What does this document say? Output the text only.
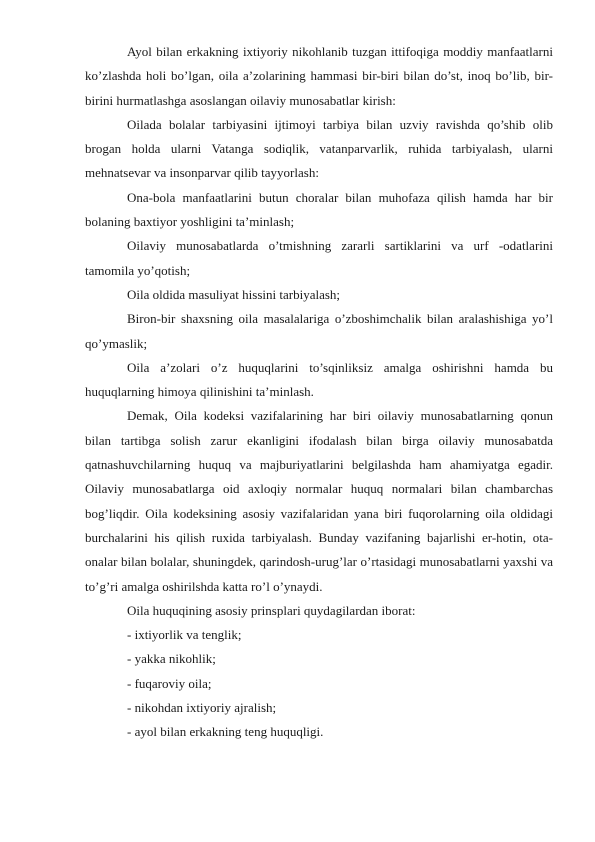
Ayol bilan erkakning ixtiyoriy nikohlanib tuzgan ittifoqiga moddiy manfaatlarni ko’zlashda holi bo’lgan, oila a’zolarining hammasi bir-biri bilan do’st, inoq bo’lib, bir-birini hurmatlashga asoslangan oilaviy munosabatlar kirish:

Oilada bolalar tarbiyasini ijtimoyi tarbiya bilan uzviy ravishda qo’shib olib brogan holda ularni Vatanga sodiqlik, vatanparvarlik, ruhida tarbiyalash, ularni mehnatsevar va insonparvar qilib tayyorlash:

Ona-bola manfaatlarini butun choralar bilan muhofaza qilish hamda har bir bolaning baxtiyor yoshligini ta’minlash;

Oilaviy munosabatlarda o’tmishning zararli sartiklarini va urf -odatlarini tamomila yo’qotish;

Oila oldida masuliyat hissini tarbiyalash;

Biron-bir shaxsning oila masalalariga o’zboshimchalik bilan aralashishiga yo’l qo’ymaslik;

Oila a’zolari o’z huquqlarini to’sqinliksiz amalga oshirishni hamda bu huquqlarning himoya qilinishini ta’minlash.

Demak, Oila kodeksi vazifalarining har biri oilaviy munosabatlarning qonun bilan tartibga solish zarur ekanligini ifodalash bilan birga oilaviy munosabatda qatnashuvchilarning huquq va majburiyatlarini belgilashda ham ahamiyatga egadir. Oilaviy munosabatlarga oid axloqiy normalar huquq normalari bilan chambarchas bog’liqdir. Oila kodeksining asosiy vazifalaridan yana biri fuqorolarning oila oldidagi burchalarini his qilish ruxida tarbiyalash. Bunday vazifaning bajarlishi er-hotin, ota-onalar bilan bolalar, shuningdek, qarindosh-urug’lar o’rtasidagi munosabatlarni yaxshi va to’g’ri amalga oshirilshda katta ro’l o’ynaydi.

Oila huquqining asosiy prinsplari quydagilardan iborat:

- ixtiyorlik va tenglik;

- yakka nikohlik;

- fuqaroviy oila;

- nikohdan ixtiyoriy ajralish;

- ayol bilan erkakning teng huquqligi.
